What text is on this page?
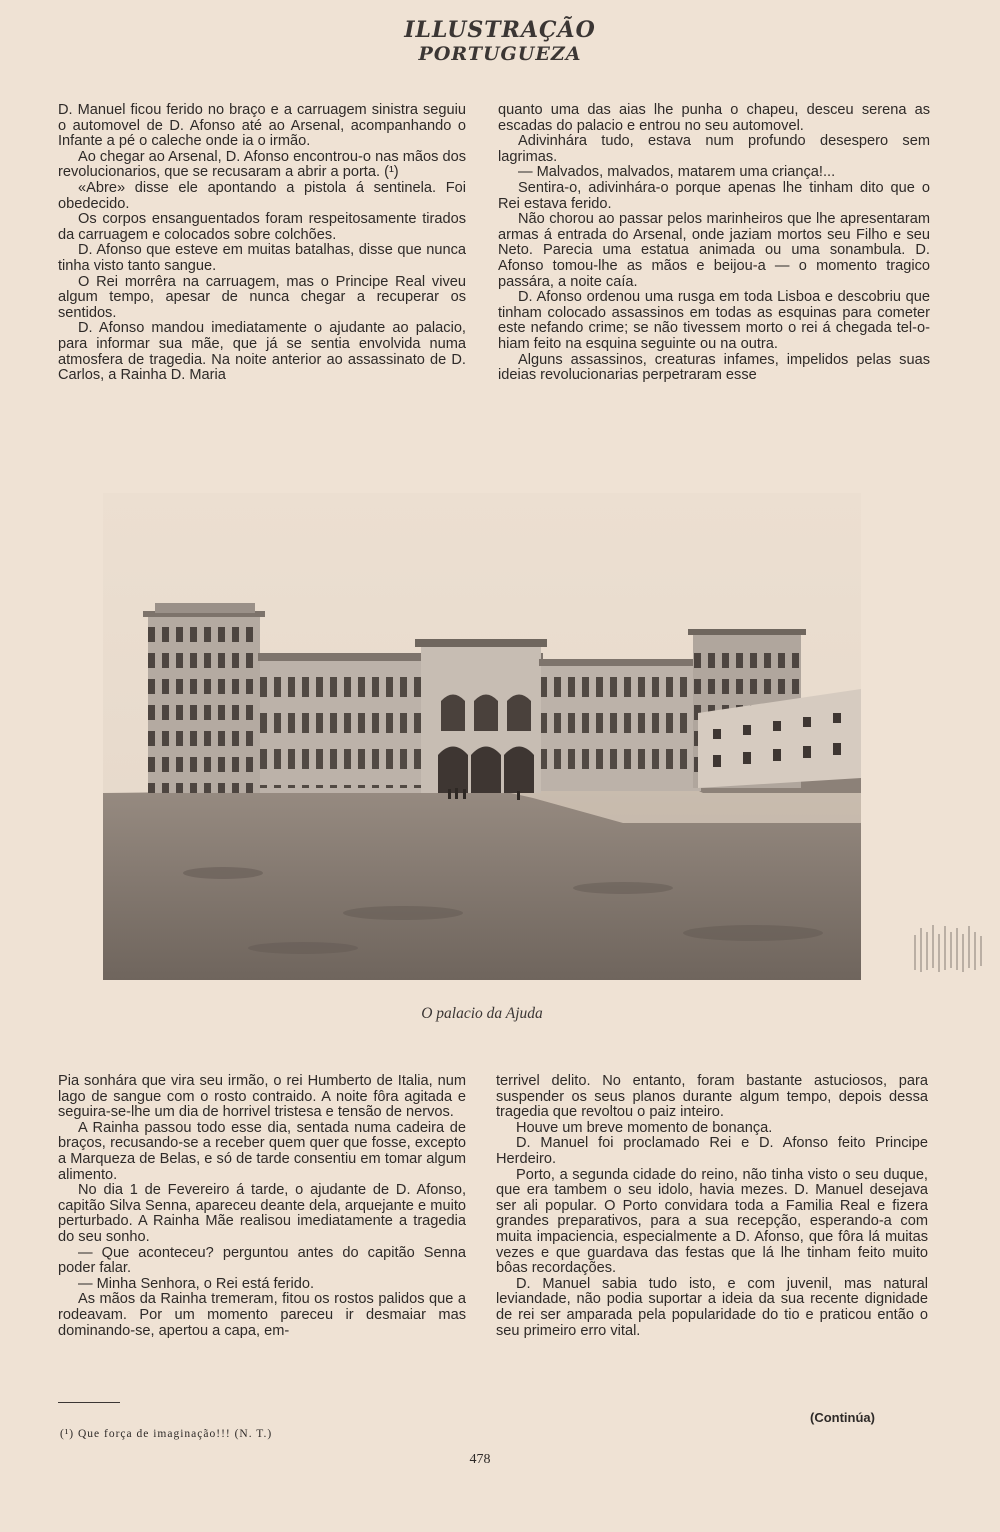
ILLUSTRAÇÃO
PORTUGUEZA

D. Manuel ficou ferido no braço e a carruagem sinistra seguiu o automovel de D. Afonso até ao Arsenal, acompanhando o Infante a pé o caleche onde ia o irmão.

Ao chegar ao Arsenal, D. Afonso encontrou-o nas mãos dos revolucionarios, que se recusaram a abrir a porta. (¹)

«Abre» disse ele apontando a pistola á sentinela. Foi obedecido.

Os corpos ensanguentados foram respeitosamente tirados da carruagem e colocados sobre colchões.

D. Afonso que esteve em muitas batalhas, disse que nunca tinha visto tanto sangue.

O Rei morrêra na carruagem, mas o Principe Real viveu algum tempo, apesar de nunca chegar a recuperar os sentidos.

D. Afonso mandou imediatamente o ajudante ao palacio, para informar sua mãe, que já se sentia envolvida numa atmosfera de tragedia. Na noite anterior ao assassinato de D. Carlos, a Rainha D. Maria

quanto uma das aias lhe punha o chapeu, desceu serena as escadas do palacio e entrou no seu automovel.

Adivinhára tudo, estava num profundo desespero sem lagrimas.

— Malvados, malvados, matarem uma criança!...

Sentira-o, adivinhára-o porque apenas lhe tinham dito que o Rei estava ferido.

Não chorou ao passar pelos marinheiros que lhe apresentaram armas á entrada do Arsenal, onde jaziam mortos seu Filho e seu Neto. Parecia uma estatua animada ou uma sonambula. D. Afonso tomou-lhe as mãos e beijou-a — o momento tragico passára, a noite caía.

D. Afonso ordenou uma rusga em toda Lisboa e descobriu que tinham colocado assassinos em todas as esquinas para cometer este nefando crime; se não tivessem morto o rei á chegada tel-o-hiam feito na esquina seguinte ou na outra.

Alguns assassinos, creaturas infames, impelidos pelas suas ideias revolucionarias perpetraram esse

O palacio da Ajuda

Pia sonhára que vira seu irmão, o rei Humberto de Italia, num lago de sangue com o rosto contraido. A noite fôra agitada e seguira-se-lhe um dia de horrivel tristesa e tensão de nervos.

A Rainha passou todo esse dia, sentada numa cadeira de braços, recusando-se a receber quem quer que fosse, excepto a Marqueza de Belas, e só de tarde consentiu em tomar algum alimento.

No dia 1 de Fevereiro á tarde, o ajudante de D. Afonso, capitão Silva Senna, apareceu deante dela, arquejante e muito perturbado. A Rainha Mãe realisou imediatamente a tragedia do seu sonho.

— Que aconteceu? perguntou antes do capitão Senna poder falar.

— Minha Senhora, o Rei está ferido.

As mãos da Rainha tremeram, fitou os rostos palidos que a rodeavam. Por um momento pareceu ir desmaiar mas dominando-se, apertou a capa, em-

terrivel delito. No entanto, foram bastante astuciosos, para suspender os seus planos durante algum tempo, depois dessa tragedia que revoltou o paiz inteiro.

Houve um breve momento de bonança.

D. Manuel foi proclamado Rei e D. Afonso feito Principe Herdeiro.

Porto, a segunda cidade do reino, não tinha visto o seu duque, que era tambem o seu idolo, havia mezes. D. Manuel desejava ser ali popular. O Porto convidara toda a Familia Real e fizera grandes preparativos, para a sua recepção, esperando-a com muita impaciencia, especialmente a D. Afonso, que fôra lá muitas vezes e que guardava das festas que lá lhe tinham feito muito bôas recordações.

D. Manuel sabia tudo isto, e com juvenil, mas natural leviandade, não podia suportar a ideia da sua recente dignidade de rei ser amparada pela popularidade do tio e praticou então o seu primeiro erro vital.

(¹) Que força de imaginação!!! (N. T.)
(Continúa)
478
